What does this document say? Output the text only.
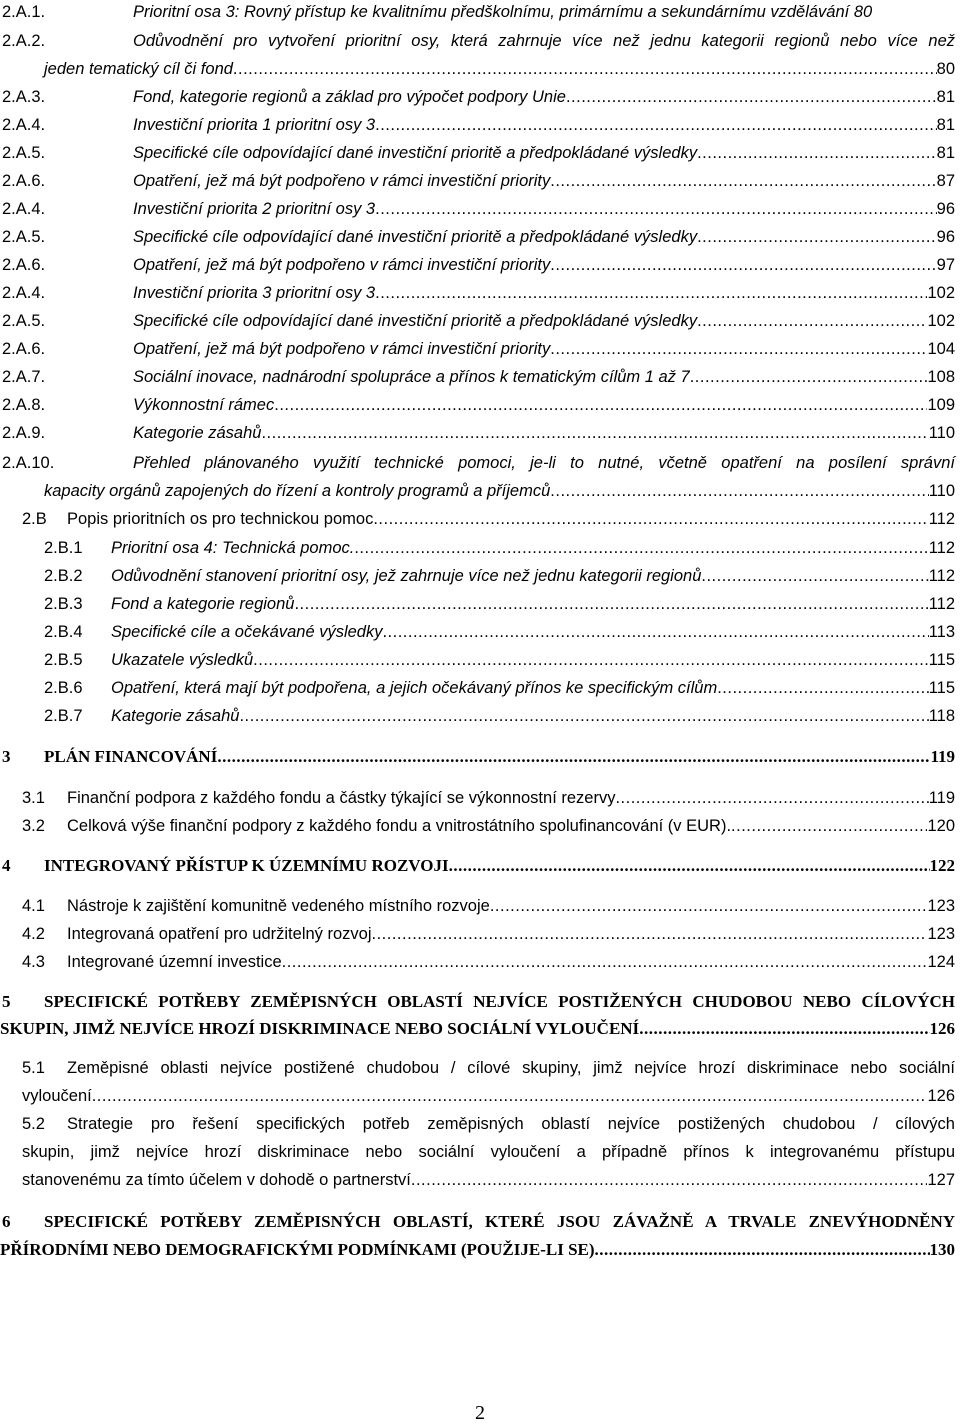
2.A.1.	Prioritní osa 3: Rovný přístup ke kvalitnímu předškolnímu, primárnímu a sekundárnímu vzdělávání 80
2.A.2.	Odůvodnění pro vytvoření prioritní osy, která zahrnuje více než jednu kategorii regionů nebo více než
jeden tematický cíl či fond .....	80
2.A.3.	Fond, kategorie regionů a základ pro výpočet podpory Unie .....	81
2.A.4.	Investiční priorita 1 prioritní osy 3 .....	81
2.A.5.	Specifické cíle odpovídající dané investiční prioritě a předpokládané výsledky .....	81
2.A.6.	Opatření, jež má být podpořeno v rámci investiční priority .....	87
2.A.4.	Investiční priorita 2 prioritní osy 3 .....	96
2.A.5.	Specifické cíle odpovídající dané investiční prioritě a předpokládané výsledky .....	96
2.A.6.	Opatření, jež má být podpořeno v rámci investiční priority .....	97
2.A.4.	Investiční priorita 3 prioritní osy 3 .....	102
2.A.5.	Specifické cíle odpovídající dané investiční prioritě a předpokládané výsledky .....	102
2.A.6.	Opatření, jež má být podpořeno v rámci investiční priority .....	104
2.A.7.	Sociální inovace, nadnárodní spolupráce a přínos k tematickým cílům 1 až 7 .....	108
2.A.8.	Výkonnostní rámec .....	109
2.A.9.	Kategorie zásahů .....	110
2.A.10.	Přehled plánovaného využití technické pomoci, je-li to nutné, včetně opatření na posílení správní
kapacity orgánů zapojených do řízení a kontroly programů a příjemců .....	110
2.B Popis prioritních os pro technickou pomoc .....	112
2.B.1 Prioritní osa 4: Technická pomoc. .....	112
2.B.2 Odůvodnění stanovení prioritní osy, jež zahrnuje více než jednu kategorii regionů .....	112
2.B.3 Fond a kategorie regionů .....	112
2.B.4 Specifické cíle a očekávané výsledky .....	113
2.B.5 Ukazatele výsledků .....	115
2.B.6 Opatření, která mají být podpořena, a jejich očekávaný přínos ke specifickým cílům .....	115
2.B.7 Kategorie zásahů .....	118
3 PLÁN FINANCOVÁNÍ .....	119
3.1 Finanční podpora z každého fondu a částky týkající se výkonnostní rezervy .....	119
3.2 Celková výše finanční podpory z každého fondu a vnitrostátního spolufinancování (v EUR). .....	120
4 INTEGROVANÝ PŘÍSTUP K ÚZEMNÍMU ROZVOJI .....	122
4.1 Nástroje k zajištění komunitně vedeného místního rozvoje .....	123
4.2 Integrovaná opatření pro udržitelný rozvoj .....	123
4.3 Integrované územní investice .....	124
5 SPECIFICKÉ POTŘEBY ZEMĚPISNÝCH OBLASTÍ NEJVÍCE POSTIŽENÝCH CHUDOBOU NEBO CÍLOVÝCH
SKUPIN, JIMŽ NEJVÍCE HROZÍ DISKRIMINACE NEBO SOCIÁLNÍ VYLOUČENÍ .....	126
5.1 Zeměpisné oblasti nejvíce postižené chudobou / cílové skupiny, jimž nejvíce hrozí diskriminace nebo sociální
vyloučení .....	126
5.2 Strategie pro řešení specifických potřeb zeměpisných oblastí nejvíce postižených chudobou / cílových
skupin, jimž nejvíce hrozí diskriminace nebo sociální vyloučení a případně přínos k integrovanému přístupu
stanovenému za tímto účelem v dohodě o partnerství .....	127
6 SPECIFICKÉ POTŘEBY ZEMĚPISNÝCH OBLASTÍ, KTERÉ JSOU ZÁVAŽNĚ A TRVALE ZNEVÝHODNĚNY
PŘÍRODNÍMI NEBO DEMOGRAFICKÝMI PODMÍNKAMI (POUŽIJE-LI SE) .....	130
2
